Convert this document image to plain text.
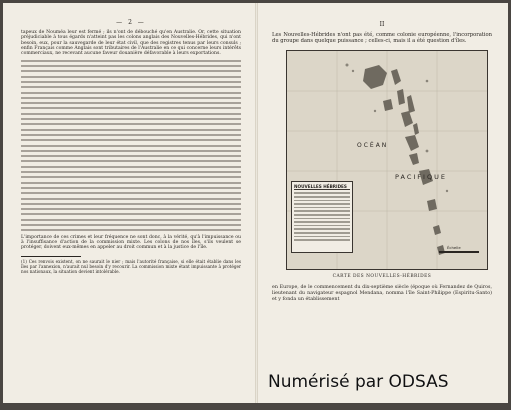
— 2 —

tapeux de Nouméa leur est fermé ; ils n'ont de débouché qu'en Australie. Or, cette situation préjudiciable à tous égards n'atteint pas les colons anglais des Nouvelles-Hébrides, qui n'ont besoin, eux, pour la sauvegarde de leur état civil, que des registres tenus par leurs consuls ; enfin Français comme Anglais sont tributaires de l'Australie en ce qui concerne leurs intérêts commerciaux, ne recevant aucune faveur douanière défavorable à leurs exportations.

L'importance de ces crimes et leur fréquence ne sont donc, à la vérité, qu'à l'impuissance ou à l'insuffisance d'action de la commission mixte. Les colons de nos îles, s'ils veulent se protéger, doivent eux-mêmes en appeler au droit commun et à la justice de l'île.

(1) Ces renvois existent, on ne saurait le nier ; mais l'autorité française, si elle était établie dans les îles par l'annexion, n'aurait nul besoin d'y recourir. La commission mixte étant impuissante à protéger nos nationaux, la situation devient intolérable.

II

Les Nouvelles-Hébrides n'ont pas été, comme colonie européenne, l'incorporation du groupe dans quelque puissance ; celles-ci, mais il a été question d'îles.

OCÉAN
PACIFIQUE
Échelle
NOUVELLES HÉBRIDES
CARTE DES NOUVELLES-HÉBRIDES

en Europe, de le commencement du dix-septième siècle (époque où Fernandez de Quiros, lieutenant du navigateur espagnol Mendana, nomma l'île Saint-Philippe (Espiritu-Santo) et y fonda un établissement

Numérisé par ODSAS
